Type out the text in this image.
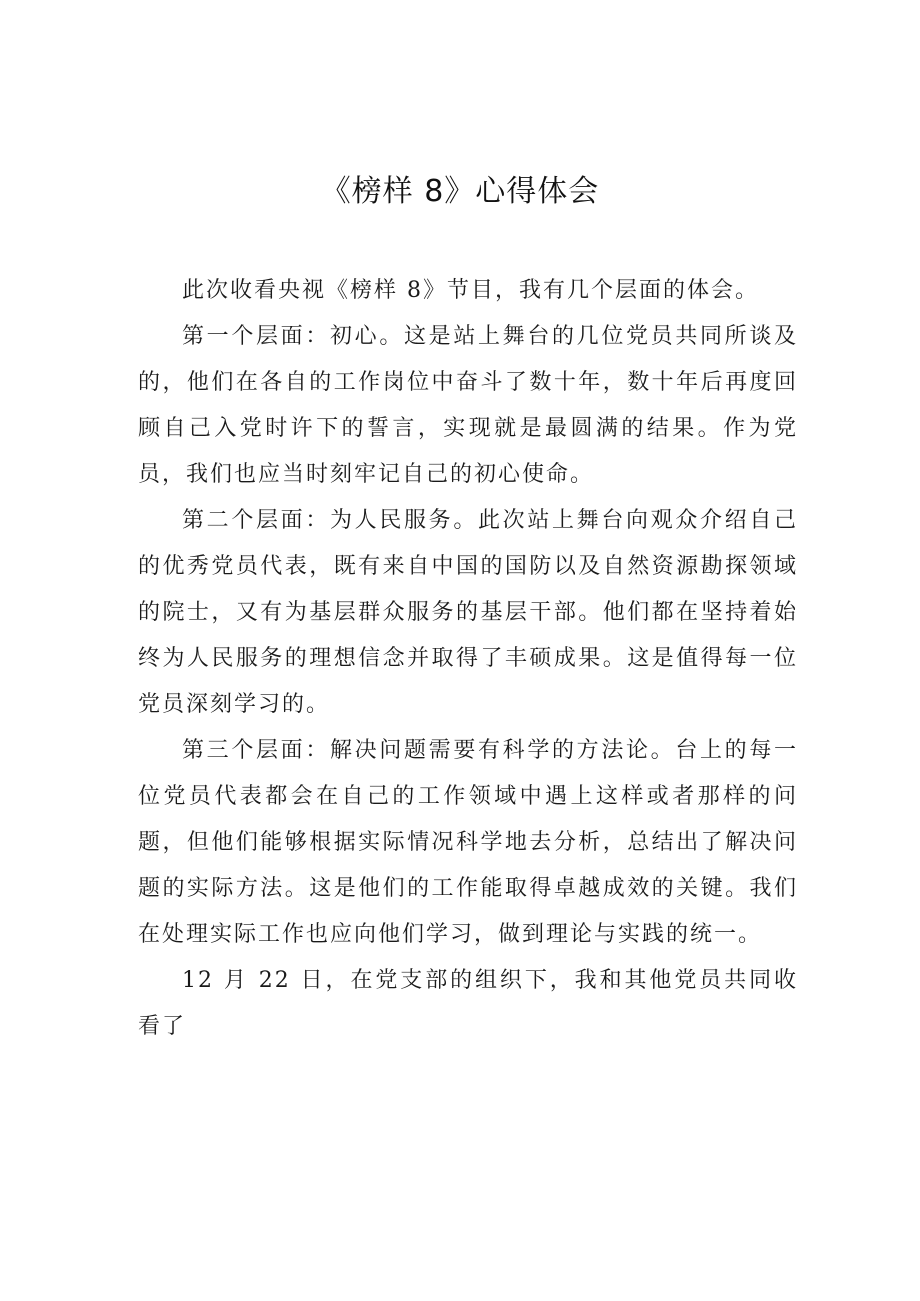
《榜样 8》心得体会

此次收看央视《榜样 8》节目，我有几个层面的体会。

第一个层面：初心。这是站上舞台的几位党员共同所谈及的，他们在各自的工作岗位中奋斗了数十年，数十年后再度回顾自己入党时许下的誓言，实现就是最圆满的结果。作为党员，我们也应当时刻牢记自己的初心使命。

第二个层面：为人民服务。此次站上舞台向观众介绍自己的优秀党员代表，既有来自中国的国防以及自然资源勘探领域的院士，又有为基层群众服务的基层干部。他们都在坚持着始终为人民服务的理想信念并取得了丰硕成果。这是值得每一位党员深刻学习的。

第三个层面：解决问题需要有科学的方法论。台上的每一位党员代表都会在自己的工作领域中遇上这样或者那样的问题，但他们能够根据实际情况科学地去分析，总结出了解决问题的实际方法。这是他们的工作能取得卓越成效的关键。我们在处理实际工作也应向他们学习，做到理论与实践的统一。

12 月 22 日，在党支部的组织下，我和其他党员共同收看了
